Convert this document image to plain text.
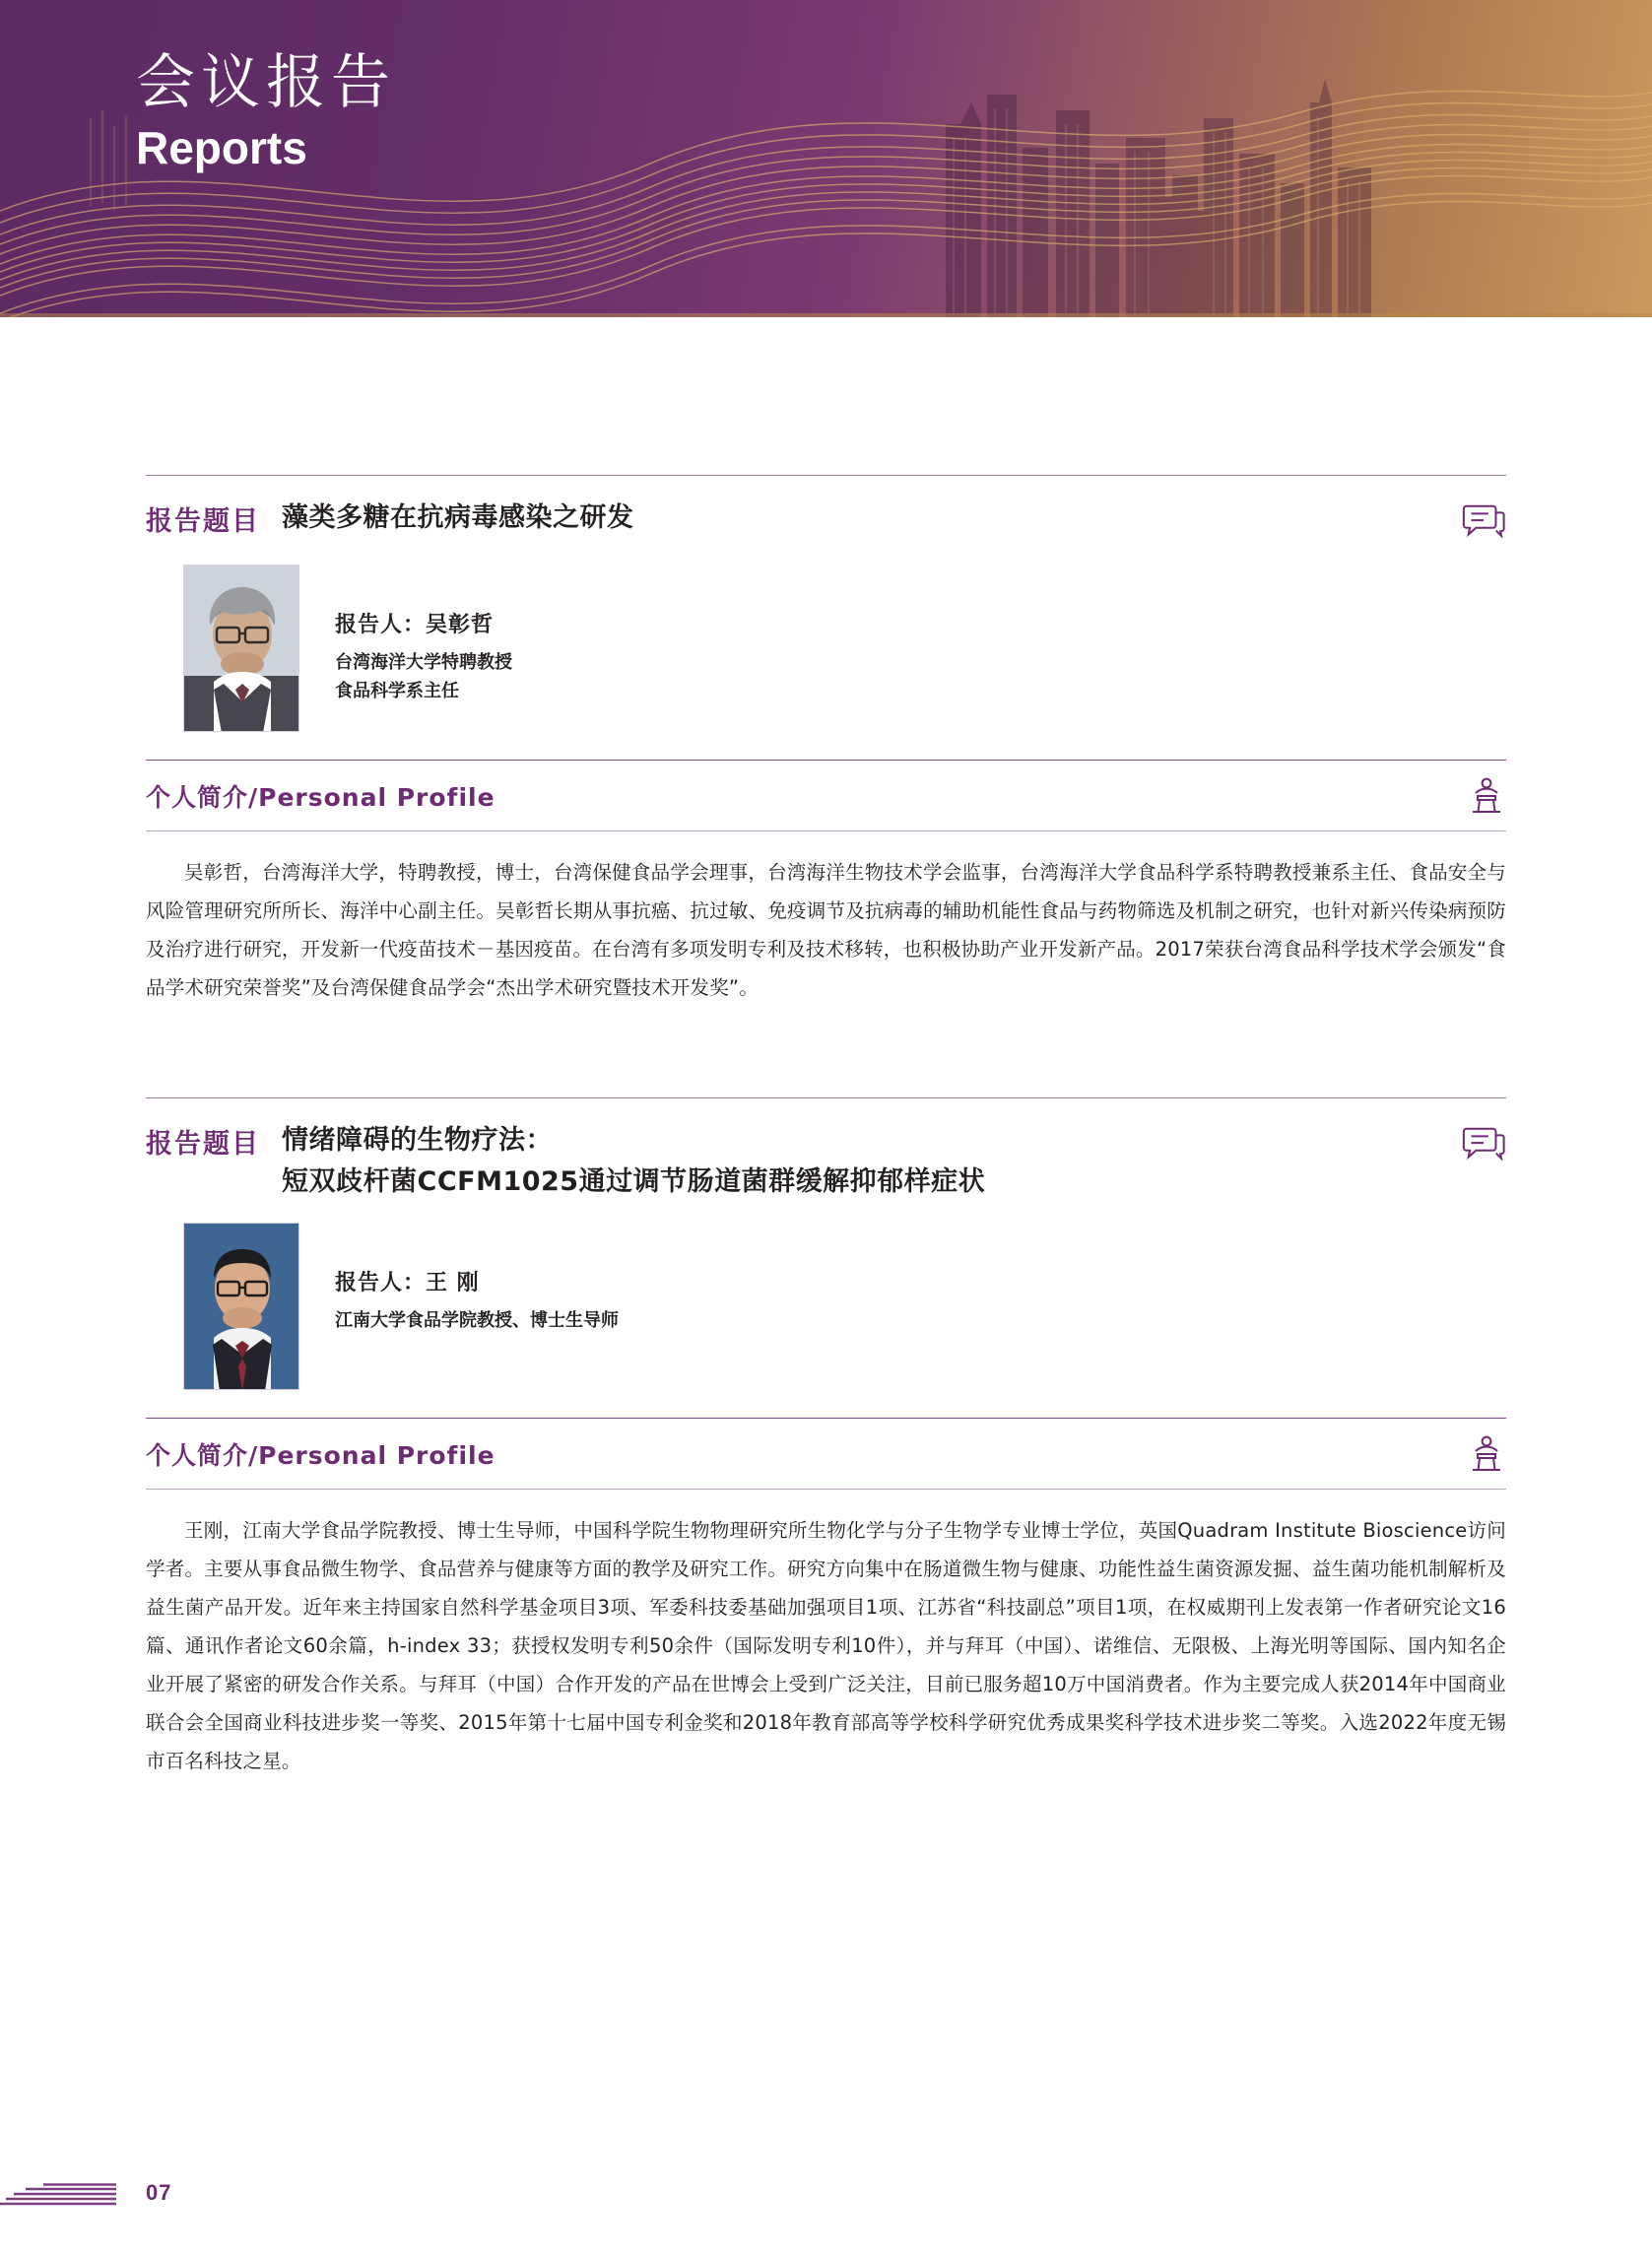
会议报告
Reports
报告题目 藻类多糖在抗病毒感染之研发
报告人：吴彰哲
台湾海洋大学特聘教授
食品科学系主任
个人简介/Personal Profile

吴彰哲，台湾海洋大学，特聘教授，博士，台湾保健食品学会理事，台湾海洋生物技术学会监事，台湾海洋大学食品科学系特聘教授兼系主任、食品安全与风险管理研究所所长、海洋中心副主任。吴彰哲长期从事抗癌、抗过敏、免疫调节及抗病毒的辅助机能性食品与药物筛选及机制之研究，也针对新兴传染病预防及治疗进行研究，开发新一代疫苗技术－基因疫苗。在台湾有多项发明专利及技术移转，也积极协助产业开发新产品。2017荣获台湾食品科学技术学会颁发“食品学术研究荣誉奖”及台湾保健食品学会“杰出学术研究暨技术开发奖”。

报告题目 情绪障碍的生物疗法：
短双歧杆菌CCFM1025通过调节肠道菌群缓解抑郁样症状
报告人：王 刚
江南大学食品学院教授、博士生导师
个人简介/Personal Profile

王刚，江南大学食品学院教授、博士生导师，中国科学院生物物理研究所生物化学与分子生物学专业博士学位，英国Quadram Institute Bioscience访问学者。主要从事食品微生物学、食品营养与健康等方面的教学及研究工作。研究方向集中在肠道微生物与健康、功能性益生菌资源发掘、益生菌功能机制解析及益生菌产品开发。近年来主持国家自然科学基金项目3项、军委科技委基础加强项目1项、江苏省“科技副总”项目1项，在权威期刊上发表第一作者研究论文16篇、通讯作者论文60余篇，h-index 33；获授权发明专利50余件（国际发明专利10件），并与拜耳（中国）、诺维信、无限极、上海光明等国际、国内知名企业开展了紧密的研发合作关系。与拜耳（中国）合作开发的产品在世博会上受到广泛关注，目前已服务超10万中国消费者。作为主要完成人获2014年中国商业联合会全国商业科技进步奖一等奖、2015年第十七届中国专利金奖和2018年教育部高等学校科学研究优秀成果奖科学技术进步奖二等奖。入选2022年度无锡市百名科技之星。

07
